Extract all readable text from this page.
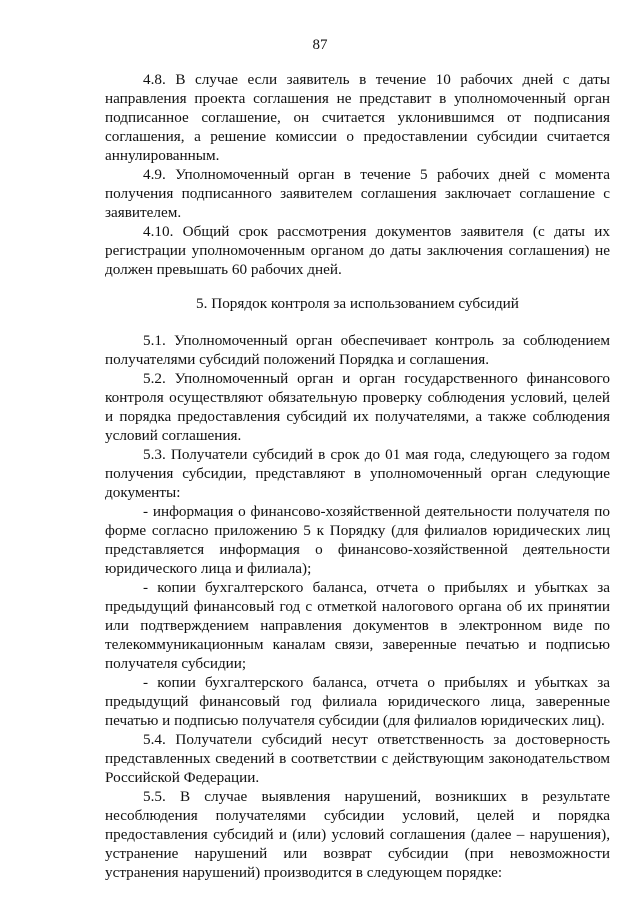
87

4.8. В случае если заявитель в течение 10 рабочих дней с даты направления проекта соглашения не представит в уполномоченный орган подписанное соглашение, он считается уклонившимся от подписания соглашения, а решение комиссии о предоставлении субсидии считается аннулированным.

4.9. Уполномоченный орган в течение 5 рабочих дней с момента получения подписанного заявителем соглашения заключает соглашение с заявителем.

4.10. Общий срок рассмотрения документов заявителя (с даты их регистрации уполномоченным органом до даты заключения соглашения) не должен превышать 60 рабочих дней.

5. Порядок контроля за использованием субсидий

5.1. Уполномоченный орган обеспечивает контроль за соблюдением получателями субсидий положений Порядка и соглашения.

5.2. Уполномоченный орган и орган государственного финансового контроля осуществляют обязательную проверку соблюдения условий, целей и порядка предоставления субсидий их получателями, а также соблюдения условий соглашения.

5.3. Получатели субсидий в срок до 01 мая года, следующего за годом получения субсидии, представляют в уполномоченный орган следующие документы:

- информация о финансово-хозяйственной деятельности получателя по форме согласно приложению 5 к Порядку (для филиалов юридических лиц представляется информация о финансово-хозяйственной деятельности юридического лица и филиала);

- копии бухгалтерского баланса, отчета о прибылях и убытках за предыдущий финансовый год с отметкой налогового органа об их принятии или подтверждением направления документов в электронном виде по телекоммуникационным каналам связи, заверенные печатью и подписью получателя субсидии;

- копии бухгалтерского баланса, отчета о прибылях и убытках за предыдущий финансовый год филиала юридического лица, заверенные печатью и подписью получателя субсидии (для филиалов юридических лиц).

5.4. Получатели субсидий несут ответственность за достоверность представленных сведений в соответствии с действующим законодательством Российской Федерации.

5.5. В случае выявления нарушений, возникших в результате несоблюдения получателями субсидии условий, целей и порядка предоставления субсидий и (или) условий соглашения (далее – нарушения), устранение нарушений или возврат субсидии (при невозможности устранения нарушений) производится в следующем порядке:
